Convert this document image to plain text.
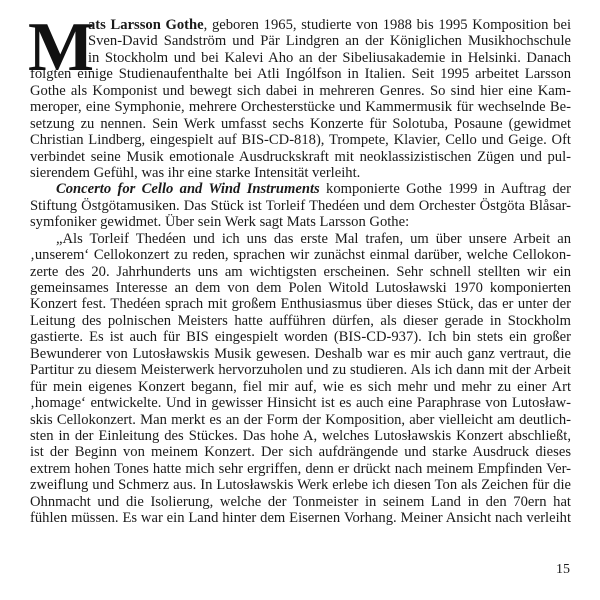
M
ats Larsson Gothe, geboren 1965, studierte von 1988 bis 1995 Komposition bei
Sven-David Sandström und Pär Lindgren an der Königlichen Musikhochschule
in Stockholm und bei Kalevi Aho an der Sibeliusakademie in Helsinki. Danach
folgten einige Studienaufenthalte bei Atli Ingólfson in Italien. Seit 1995 arbeitet Larsson
Gothe als Komponist und bewegt sich dabei in mehreren Genres. So sind hier eine Kam-
meroper, eine Symphonie, mehrere Orchesterstücke und Kammermusik für wechselnde Be-
setzung zu nennen. Sein Werk umfasst sechs Konzerte für Solotuba, Posaune (gewidmet
Christian Lindberg, eingespielt auf BIS-CD-818), Trompete, Klavier, Cello und Geige. Oft
verbindet seine Musik emotionale Ausdruckskraft mit neoklassizistischen Zügen und pul-
sierendem Gefühl, was ihr eine starke Intensität verleiht.
Concerto for Cello and Wind Instruments komponierte Gothe 1999 in Auftrag der
Stiftung Östgötamusiken. Das Stück ist Torleif Thedéen und dem Orchester Östgöta Blåsar-
symfoniker gewidmet. Über sein Werk sagt Mats Larsson Gothe:
„Als Torleif Thedéen und ich uns das erste Mal trafen, um über unsere Arbeit an
‚unserem‘ Cellokonzert zu reden, sprachen wir zunächst einmal darüber, welche Cellokon-
zerte des 20. Jahrhunderts uns am wichtigsten erscheinen. Sehr schnell stellten wir ein
gemeinsames Interesse an dem von dem Polen Witold Lutosławski 1970 komponierten
Konzert fest. Thedéen sprach mit großem Enthusiasmus über dieses Stück, das er unter der
Leitung des polnischen Meisters hatte aufführen dürfen, als dieser gerade in Stockholm
gastierte. Es ist auch für BIS eingespielt worden (BIS-CD-937). Ich bin stets ein großer
Bewunderer von Lutosławskis Musik gewesen. Deshalb war es mir auch ganz vertraut, die
Partitur zu diesem Meisterwerk hervorzuholen und zu studieren. Als ich dann mit der Arbeit
für mein eigenes Konzert begann, fiel mir auf, wie es sich mehr und mehr zu einer Art
‚homage‘ entwickelte. Und in gewisser Hinsicht ist es auch eine Paraphrase von Lutosław-
skis Cellokonzert. Man merkt es an der Form der Komposition, aber vielleicht am deutlich-
sten in der Einleitung des Stückes. Das hohe A, welches Lutosławskis Konzert abschließt,
ist der Beginn von meinem Konzert. Der sich aufdrängende und starke Ausdruck dieses
extrem hohen Tones hatte mich sehr ergriffen, denn er drückt nach meinem Empfinden Ver-
zweiflung und Schmerz aus. In Lutosławskis Werk erlebe ich diesen Ton als Zeichen für die
Ohnmacht und die Isolierung, welche der Tonmeister in seinem Land in den 70ern hat
fühlen müssen. Es war ein Land hinter dem Eisernen Vorhang. Meiner Ansicht nach verleiht
15
